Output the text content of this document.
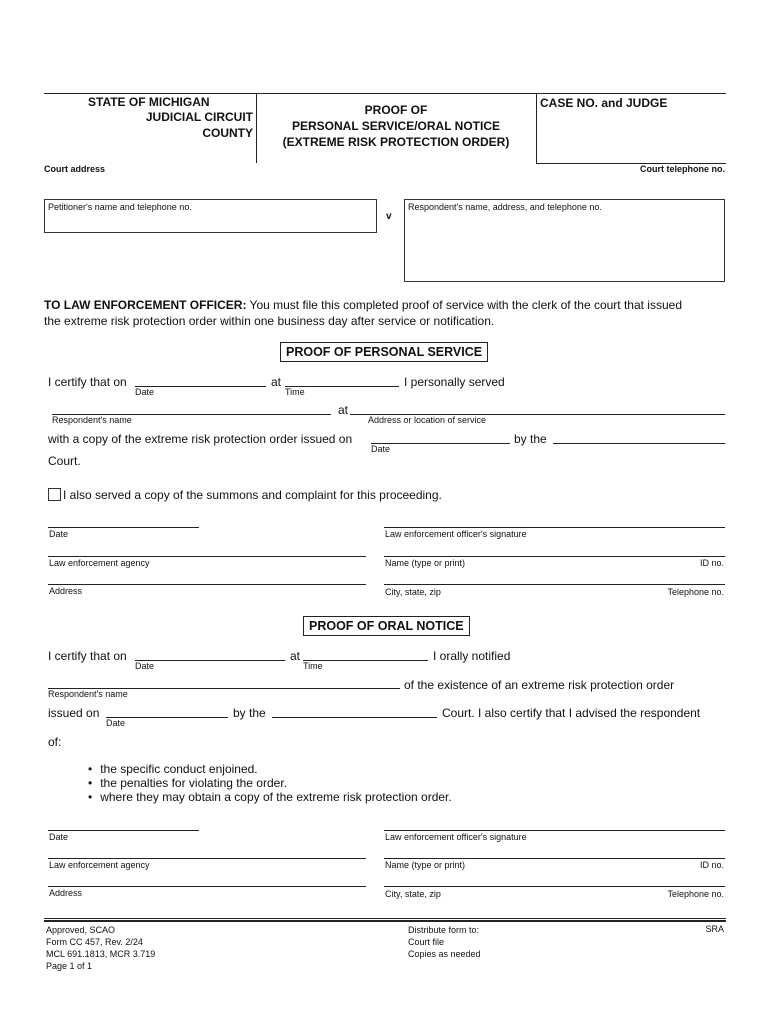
STATE OF MICHIGAN
JUDICIAL CIRCUIT
COUNTY
PROOF OF
PERSONAL SERVICE/ORAL NOTICE
(EXTREME RISK PROTECTION ORDER)
CASE NO. and JUDGE
Court address	Court telephone no.
Petitioner's name and telephone no.
v
Respondent's name, address, and telephone no.
TO LAW ENFORCEMENT OFFICER: You must file this completed proof of service with the clerk of the court that issued
the extreme risk protection order within one business day after service or notification.
PROOF OF PERSONAL SERVICE
I certify that on
Date
at
Time
I personally served
Respondent's name
at
Address or location of service
with a copy of the extreme risk protection order issued on
Date
by the
Court.
I also served a copy of the summons and complaint for this proceeding.
Date	Law enforcement officer's signature
Law enforcement agency	Name (type or print)	ID no.
Address	City, state, zip	Telephone no.
PROOF OF ORAL NOTICE
I certify that on
Date
at
Time
I orally notified
Respondent's name
of the existence of an extreme risk protection order
issued on
Date
by the	Court. I also certify that I advised the respondent
of:
• the specific conduct enjoined.
• the penalties for violating the order.
• where they may obtain a copy of the extreme risk protection order.
Date	Law enforcement officer's signature
Law enforcement agency	Name (type or print)	ID no.
Address	City, state, zip	Telephone no.
Approved, SCAO
Form CC 457, Rev. 2/24
MCL 691.1813, MCR 3.719
Page 1 of 1
Distribute form to:
Court file
Copies as needed
SRA
